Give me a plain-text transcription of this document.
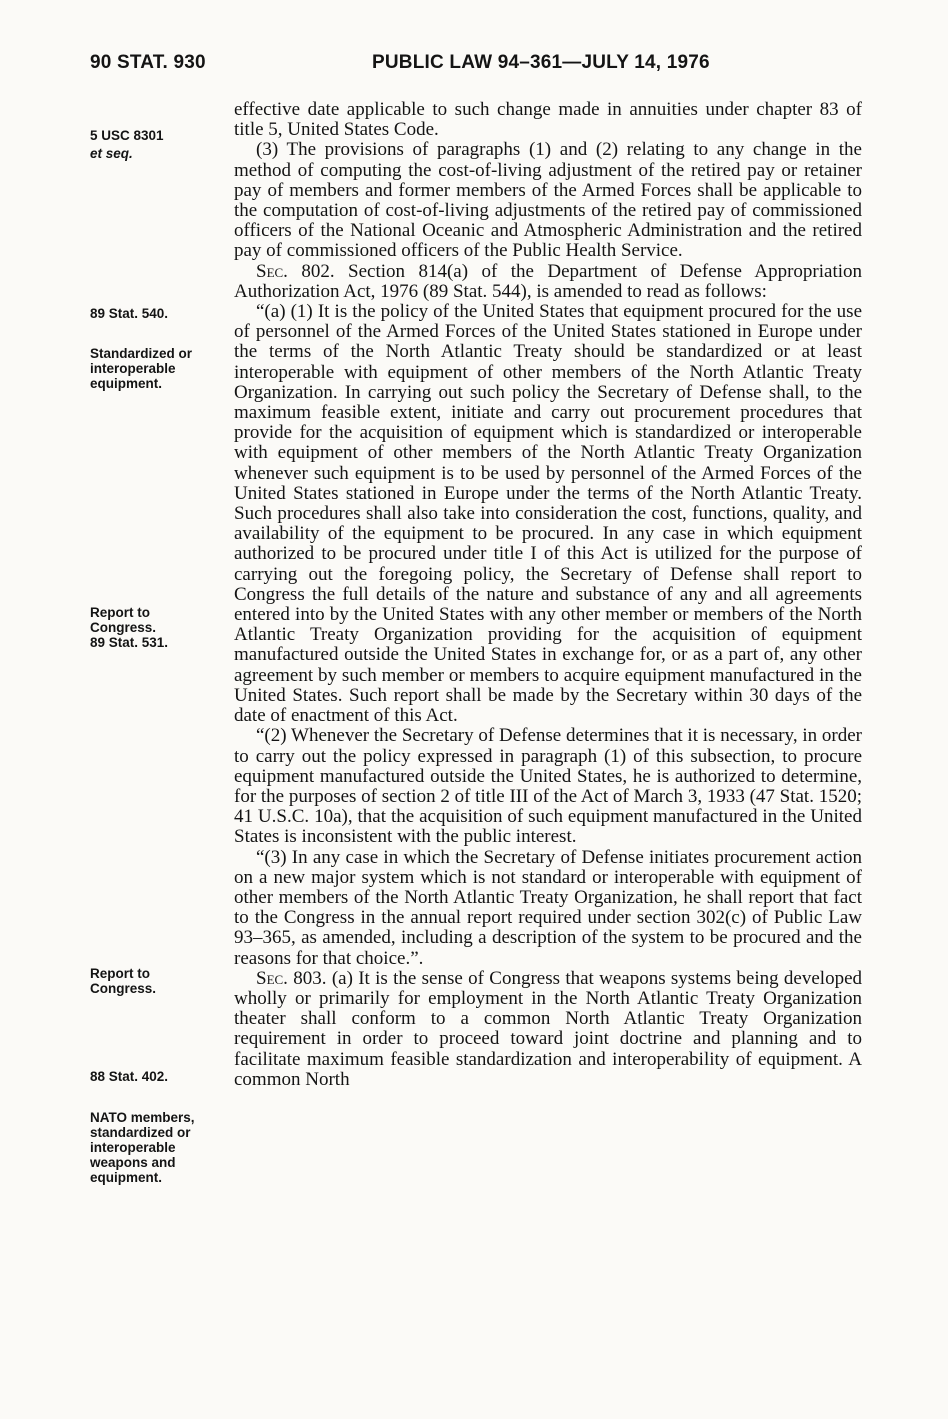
90 STAT. 930	PUBLIC LAW 94–361—JULY 14, 1976
5 USC 8301
et seq.
89 Stat. 540.
Standardized or
interoperable
equipment.
Report to
Congress.
89 Stat. 531.
Report to
Congress.
88 Stat. 402.
NATO members,
standardized or
interoperable
weapons and
equipment.

effective date applicable to such change made in annuities under chapter 83 of title 5, United States Code.

(3) The provisions of paragraphs (1) and (2) relating to any change in the method of computing the cost-of-living adjustment of the retired pay or retainer pay of members and former members of the Armed Forces shall be applicable to the computation of cost-of-living adjustments of the retired pay of commissioned officers of the National Oceanic and Atmospheric Administration and the retired pay of commissioned officers of the Public Health Service.

Sec. 802. Section 814(a) of the Department of Defense Appropriation Authorization Act, 1976 (89 Stat. 544), is amended to read as follows:

“(a) (1) It is the policy of the United States that equipment procured for the use of personnel of the Armed Forces of the United States stationed in Europe under the terms of the North Atlantic Treaty should be standardized or at least interoperable with equipment of other members of the North Atlantic Treaty Organization. In carrying out such policy the Secretary of Defense shall, to the maximum feasible extent, initiate and carry out procurement procedures that provide for the acquisition of equipment which is standardized or interoperable with equipment of other members of the North Atlantic Treaty Organization whenever such equipment is to be used by personnel of the Armed Forces of the United States stationed in Europe under the terms of the North Atlantic Treaty. Such procedures shall also take into consideration the cost, functions, quality, and availability of the equipment to be procured. In any case in which equipment authorized to be procured under title I of this Act is utilized for the purpose of carrying out the foregoing policy, the Secretary of Defense shall report to Congress the full details of the nature and substance of any and all agreements entered into by the United States with any other member or members of the North Atlantic Treaty Organization providing for the acquisition of equipment manufactured outside the United States in exchange for, or as a part of, any other agreement by such member or members to acquire equipment manufactured in the United States. Such report shall be made by the Secretary within 30 days of the date of enactment of this Act.

“(2) Whenever the Secretary of Defense determines that it is necessary, in order to carry out the policy expressed in paragraph (1) of this subsection, to procure equipment manufactured outside the United States, he is authorized to determine, for the purposes of section 2 of title III of the Act of March 3, 1933 (47 Stat. 1520; 41 U.S.C. 10a), that the acquisition of such equipment manufactured in the United States is inconsistent with the public interest.

“(3) In any case in which the Secretary of Defense initiates procurement action on a new major system which is not standard or interoperable with equipment of other members of the North Atlantic Treaty Organization, he shall report that fact to the Congress in the annual report required under section 302(c) of Public Law 93–365, as amended, including a description of the system to be procured and the reasons for that choice.”.

Sec. 803. (a) It is the sense of Congress that weapons systems being developed wholly or primarily for employment in the North Atlantic Treaty Organization theater shall conform to a common North Atlantic Treaty Organization requirement in order to proceed toward joint doctrine and planning and to facilitate maximum feasible standardization and interoperability of equipment. A common North
